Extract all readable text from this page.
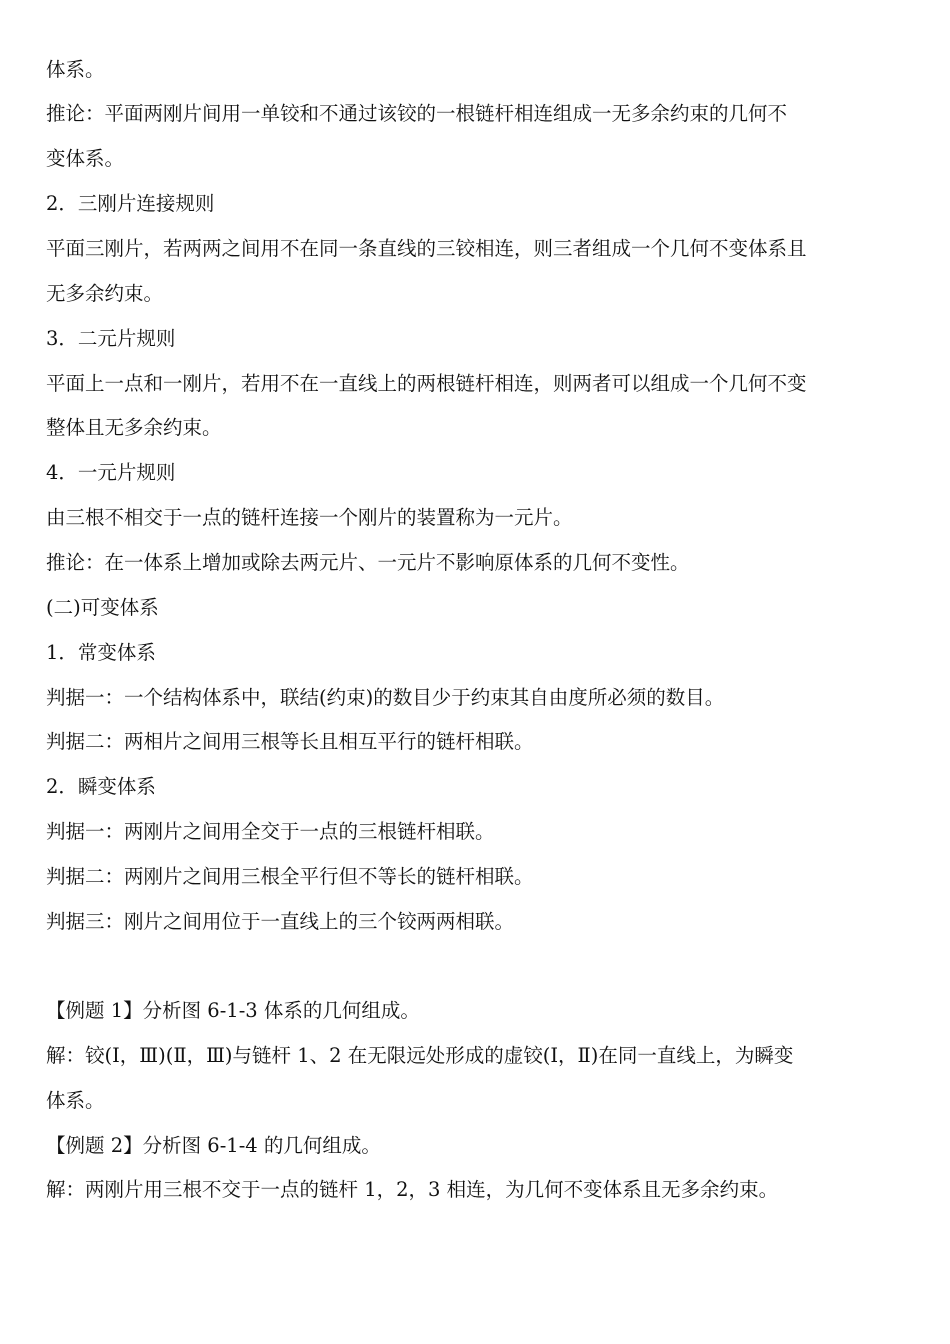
体系。
推论：平面两刚片间用一单铰和不通过该铰的一根链杆相连组成一无多余约束的几何不
变体系。
2．三刚片连接规则
平面三刚片，若两两之间用不在同一条直线的三铰相连，则三者组成一个几何不变体系且
无多余约束。
3．二元片规则
平面上一点和一刚片，若用不在一直线上的两根链杆相连，则两者可以组成一个几何不变
整体且无多余约束。
4．一元片规则
由三根不相交于一点的链杆连接一个刚片的装置称为一元片。
推论：在一体系上增加或除去两元片、一元片不影响原体系的几何不变性。
(二)可变体系
1．常变体系
判据一：一个结构体系中，联结(约束)的数目少于约束其自由度所必须的数目。
判据二：两相片之间用三根等长且相互平行的链杆相联。
2．瞬变体系
判据一：两刚片之间用全交于一点的三根链杆相联。
判据二：两刚片之间用三根全平行但不等长的链杆相联。
判据三：刚片之间用位于一直线上的三个铰两两相联。
【例题 1】分析图 6-1-3 体系的几何组成。
解：铰(Ⅰ，Ⅲ)(Ⅱ，Ⅲ)与链杆 1、2 在无限远处形成的虚铰(Ⅰ，Ⅱ)在同一直线上，为瞬变
体系。
【例题 2】分析图 6-1-4 的几何组成。
解：两刚片用三根不交于一点的链杆 1，2，3 相连，为几何不变体系且无多余约束。
